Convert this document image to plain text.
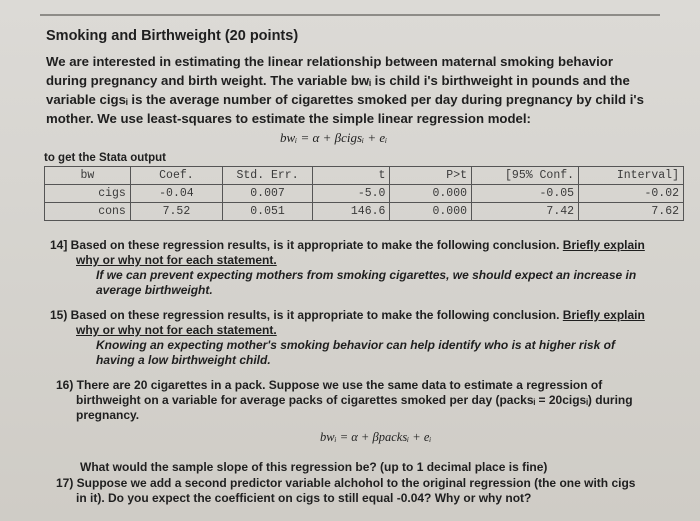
Smoking and Birthweight (20 points)
We are interested in estimating the linear relationship between maternal smoking behavior
during pregnancy and birth weight. The variable bwᵢ is child i's birthweight in pounds and the
variable cigsᵢ is the average number of cigarettes smoked per day during pregnancy by child i's
mother. We use least-squares to estimate the simple linear regression model:
bwᵢ = α + βcigsᵢ + eᵢ
to get the Stata output
bw	Coef.	Std. Err.	t	P>t	[95% Conf.	Interval]
cigs	-0.04	0.007	-5.0	0.000	-0.05	-0.02
cons	7.52	0.051	146.6	0.000	7.42	7.62
14] Based on these regression results, is it appropriate to make the following conclusion. Briefly explain
why or why not for each statement.
If we can prevent expecting mothers from smoking cigarettes, we should expect an increase in
average birthweight.
15) Based on these regression results, is it appropriate to make the following conclusion. Briefly explain
why or why not for each statement.
Knowing an expecting mother's smoking behavior can help identify who is at higher risk of
having a low birthweight child.
16) There are 20 cigarettes in a pack. Suppose we use the same data to estimate a regression of
birthweight on a variable for average packs of cigarettes smoked per day (packsᵢ = 20cigsᵢ) during
pregnancy.
bwᵢ = α + βpacksᵢ + eᵢ
What would the sample slope of this regression be? (up to 1 decimal place is fine)
17) Suppose we add a second predictor variable alchohol to the original regression (the one with cigs
in it). Do you expect the coefficient on cigs to still equal -0.04? Why or why not?
